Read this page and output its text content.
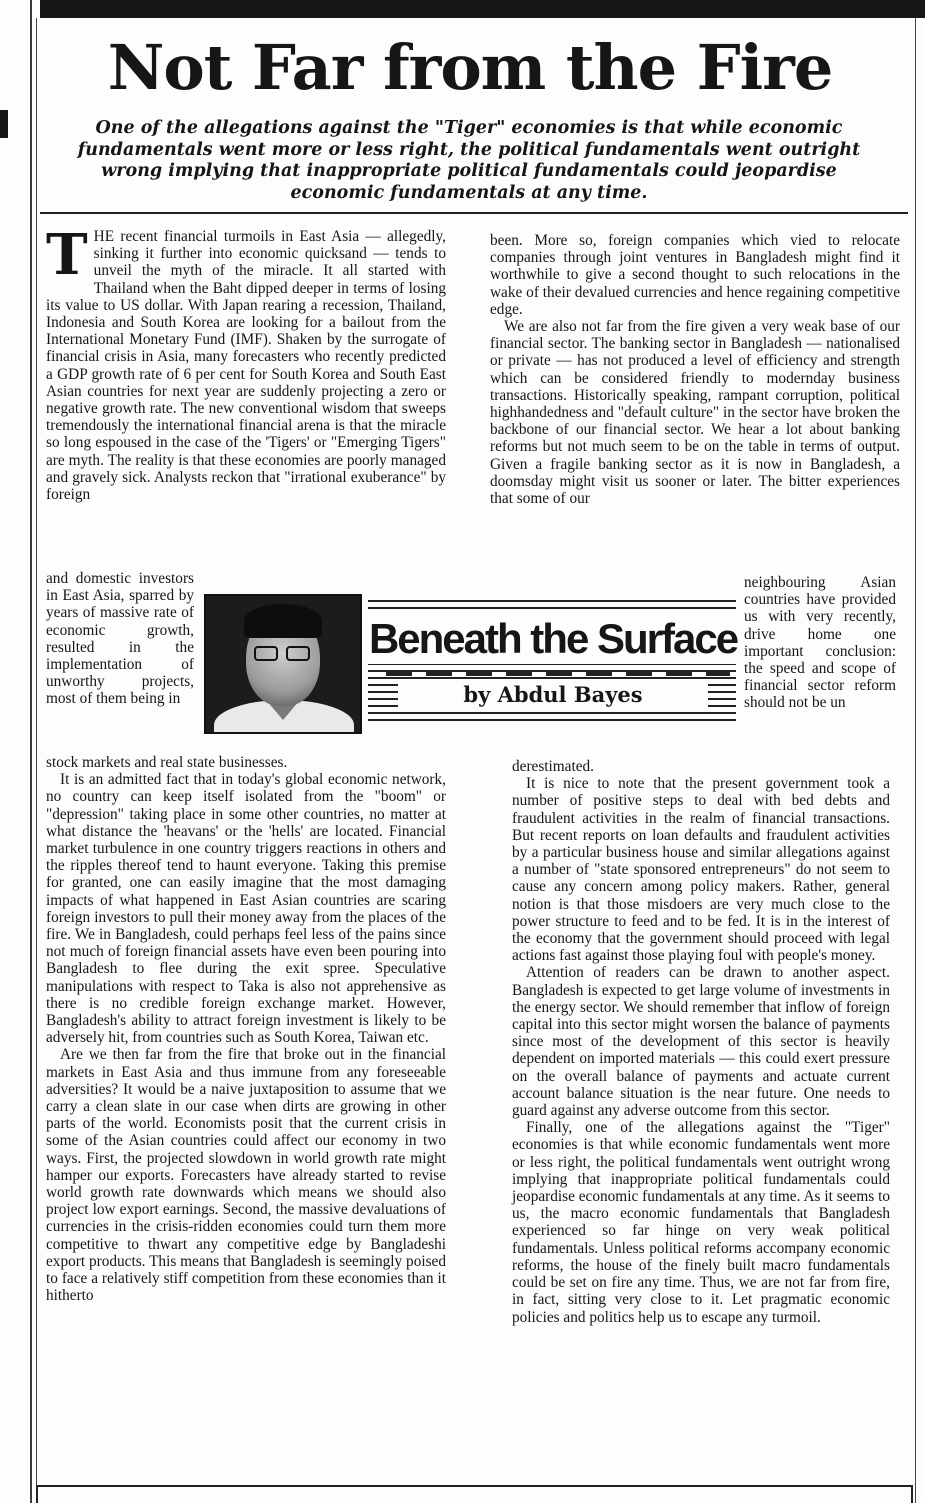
Not Far from the Fire
One of the allegations against the "Tiger" economies is that while economic fundamentals went more or less right, the political fundamentals went outright wrong implying that inappropriate political fundamentals could jeopardise economic fundamentals at any time.

THE recent financial turmoils in East Asia — allegedly, sinking it further into economic quicksand — tends to unveil the myth of the miracle. It all started with Thailand when the Baht dipped deeper in terms of losing its value to US dollar. With Japan rearing a recession, Thailand, Indonesia and South Korea are looking for a bailout from the International Monetary Fund (IMF). Shaken by the surrogate of financial crisis in Asia, many forecasters who recently predicted a GDP growth rate of 6 per cent for South Korea and South East Asian countries for next year are suddenly projecting a zero or negative growth rate. The new conventional wisdom that sweeps tremendously the international financial arena is that the miracle so long espoused in the case of the 'Tigers' or "Emerging Tigers" are myth. The reality is that these economies are poorly managed and gravely sick. Analysts reckon that "irrational exuberance" by foreign

and domestic investors in East Asia, sparred by years of massive rate of economic growth, resulted in the implementation of unworthy projects, most of them being in

Beneath the Surface
by Abdul Bayes

stock markets and real state businesses.

It is an admitted fact that in today's global economic network, no country can keep itself isolated from the "boom" or "depression" taking place in some other countries, no matter at what distance the 'heavans' or the 'hells' are located. Financial market turbulence in one country triggers reactions in others and the ripples thereof tend to haunt everyone. Taking this premise for granted, one can easily imagine that the most damaging impacts of what happened in East Asian countries are scaring foreign investors to pull their money away from the places of the fire. We in Bangladesh, could perhaps feel less of the pains since not much of foreign financial assets have even been pouring into Bangladesh to flee during the exit spree. Speculative manipulations with respect to Taka is also not apprehensive as there is no credible foreign exchange market. However, Bangladesh's ability to attract foreign investment is likely to be adversely hit, from countries such as South Korea, Taiwan etc.

Are we then far from the fire that broke out in the financial markets in East Asia and thus immune from any foreseeable adversities? It would be a naive juxtaposition to assume that we carry a clean slate in our case when dirts are growing in other parts of the world. Economists posit that the current crisis in some of the Asian countries could affect our economy in two ways. First, the projected slowdown in world growth rate might hamper our exports. Forecasters have already started to revise world growth rate downwards which means we should also project low export earnings. Second, the massive devaluations of currencies in the crisis-ridden economies could turn them more competitive to thwart any competitive edge by Bangladeshi export products. This means that Bangladesh is seemingly poised to face a relatively stiff competition from these economies than it hitherto

been. More so, foreign companies which vied to relocate companies through joint ventures in Bangladesh might find it worthwhile to give a second thought to such relocations in the wake of their devalued currencies and hence regaining competitive edge.

We are also not far from the fire given a very weak base of our financial sector. The banking sector in Bangladesh — nationalised or private — has not produced a level of efficiency and strength which can be considered friendly to modernday business transactions. Historically speaking, rampant corruption, political highhandedness and "default culture" in the sector have broken the backbone of our financial sector. We hear a lot about banking reforms but not much seem to be on the table in terms of output. Given a fragile banking sector as it is now in Bangladesh, a doomsday might visit us sooner or later. The bitter experiences that some of our

neighbouring Asian countries have provided us with very recently, drive home one important conclusion: the speed and scope of financial sector reform should not be un

derestimated.

It is nice to note that the present government took a number of positive steps to deal with bed debts and fraudulent activities in the realm of financial transactions. But recent reports on loan defaults and fraudulent activities by a particular business house and similar allegations against a number of "state sponsored entrepreneurs" do not seem to cause any concern among policy makers. Rather, general notion is that those misdoers are very much close to the power structure to feed and to be fed. It is in the interest of the economy that the government should proceed with legal actions fast against those playing foul with people's money.

Attention of readers can be drawn to another aspect. Bangladesh is expected to get large volume of investments in the energy sector. We should remember that inflow of foreign capital into this sector might worsen the balance of payments since most of the development of this sector is heavily dependent on imported materials — this could exert pressure on the overall balance of payments and actuate current account balance situation is the near future. One needs to guard against any adverse outcome from this sector.

Finally, one of the allegations against the "Tiger" economies is that while economic fundamentals went more or less right, the political fundamentals went outright wrong implying that inappropriate political fundamentals could jeopardise economic fundamentals at any time. As it seems to us, the macro economic fundamentals that Bangladesh experienced so far hinge on very weak political fundamentals. Unless political reforms accompany economic reforms, the house of the finely built macro fundamentals could be set on fire any time. Thus, we are not far from fire, in fact, sitting very close to it. Let pragmatic economic policies and politics help us to escape any turmoil.
